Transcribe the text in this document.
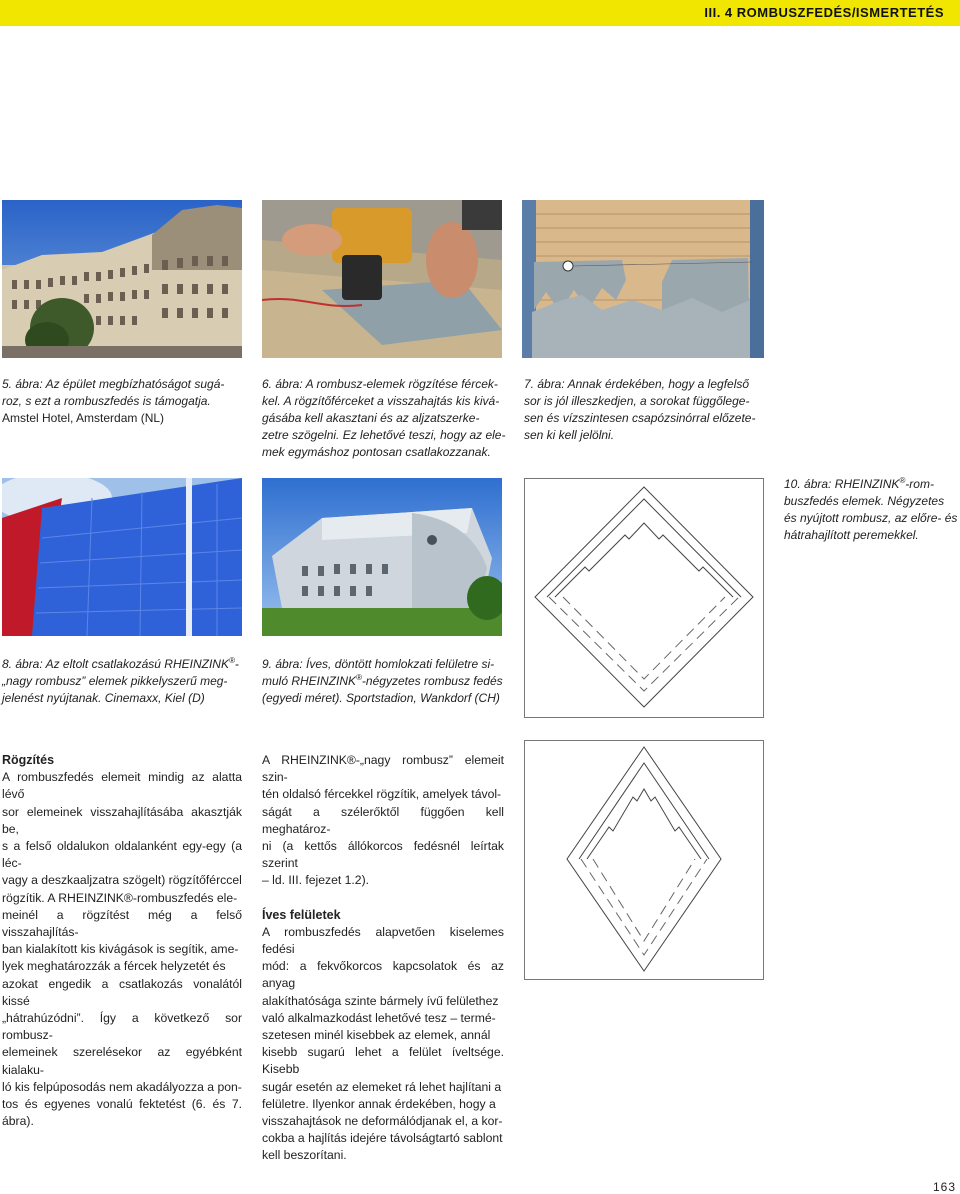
III. 4 ROMBUSZFEDÉS/ISMERTETÉS
5. ábra: Az épület megbízhatóságot sugá-
roz, s ezt a rombuszfedés is támogatja.
Amstel Hotel, Amsterdam (NL)
6. ábra: A rombusz-elemek rögzítése fércek-
kel. A rögzítőférceket a visszahajtás kis kivá-
gásába kell akasztani és az aljzatszerke-
zetre szögelni. Ez lehetővé teszi, hogy az ele-
mek egymáshoz pontosan csatlakozzanak.
7. ábra: Annak érdekében, hogy a legfelső
sor is jól illeszkedjen, a sorokat függőlege-
sen és vízszintesen csapózsinórral előzete-
sen ki kell jelölni.
10. ábra: RHEINZINK®-rom-
buszfedés elemek. Négyzetes
és nyújtott rombusz, az előre- és
hátrahajlított peremekkel.
8. ábra: Az eltolt csatlakozású RHEINZINK®-
„nagy rombusz” elemek pikkelyszerű meg-
jelenést nyújtanak. Cinemaxx, Kiel (D)
9. ábra: Íves, döntött homlokzati felületre si-
muló RHEINZINK®-négyzetes rombusz fedés
(egyedi méret). Sportstadion, Wankdorf (CH)

Rögzítés

A rombuszfedés elemeit mindig az alatta lévő

sor elemeinek visszahajlításába akasztják be,

s a felső oldalukon oldalanként egy-egy (a léc-

vagy a deszkaaljzatra szögelt) rögzítőférccel

rögzítik. A RHEINZINK®-rombuszfedés ele-

meinél a rögzítést még a felső visszahajlítás-

ban kialakított kis kivágások is segítik, ame-

lyek meghatározzák a fércek helyzetét és

azokat engedik a csatlakozás vonalától kissé

„hátrahúzódni”. Így a következő sor rombusz-

elemeinek szerelésekor az egyébként kialaku-

ló kis felpúposodás nem akadályozza a pon-

tos és egyenes vonalú fektetést (6. és 7. ábra).

A RHEINZINK®-„nagy rombusz” elemeit szin-

tén oldalsó fércekkel rögzítik, amelyek távol-

ságát a szélerőktől függően kell meghatároz-

ni (a kettős állókorcos fedésnél leírtak szerint

– ld. III. fejezet 1.2).

Íves felületek

A rombuszfedés alapvetően kiselemes fedési

mód: a fekvőkorcos kapcsolatok és az anyag

alakíthatósága szinte bármely ívű felülethez

való alkalmazkodást lehetővé tesz – termé-

szetesen minél kisebbek az elemek, annál

kisebb sugarú lehet a felület íveltsége. Kisebb

sugár esetén az elemeket rá lehet hajlítani a

felületre. Ilyenkor annak érdekében, hogy a

visszahajtások ne deformálódjanak el, a kor-

cokba a hajlítás idejére távolságtartó sablont

kell beszorítani.

163
